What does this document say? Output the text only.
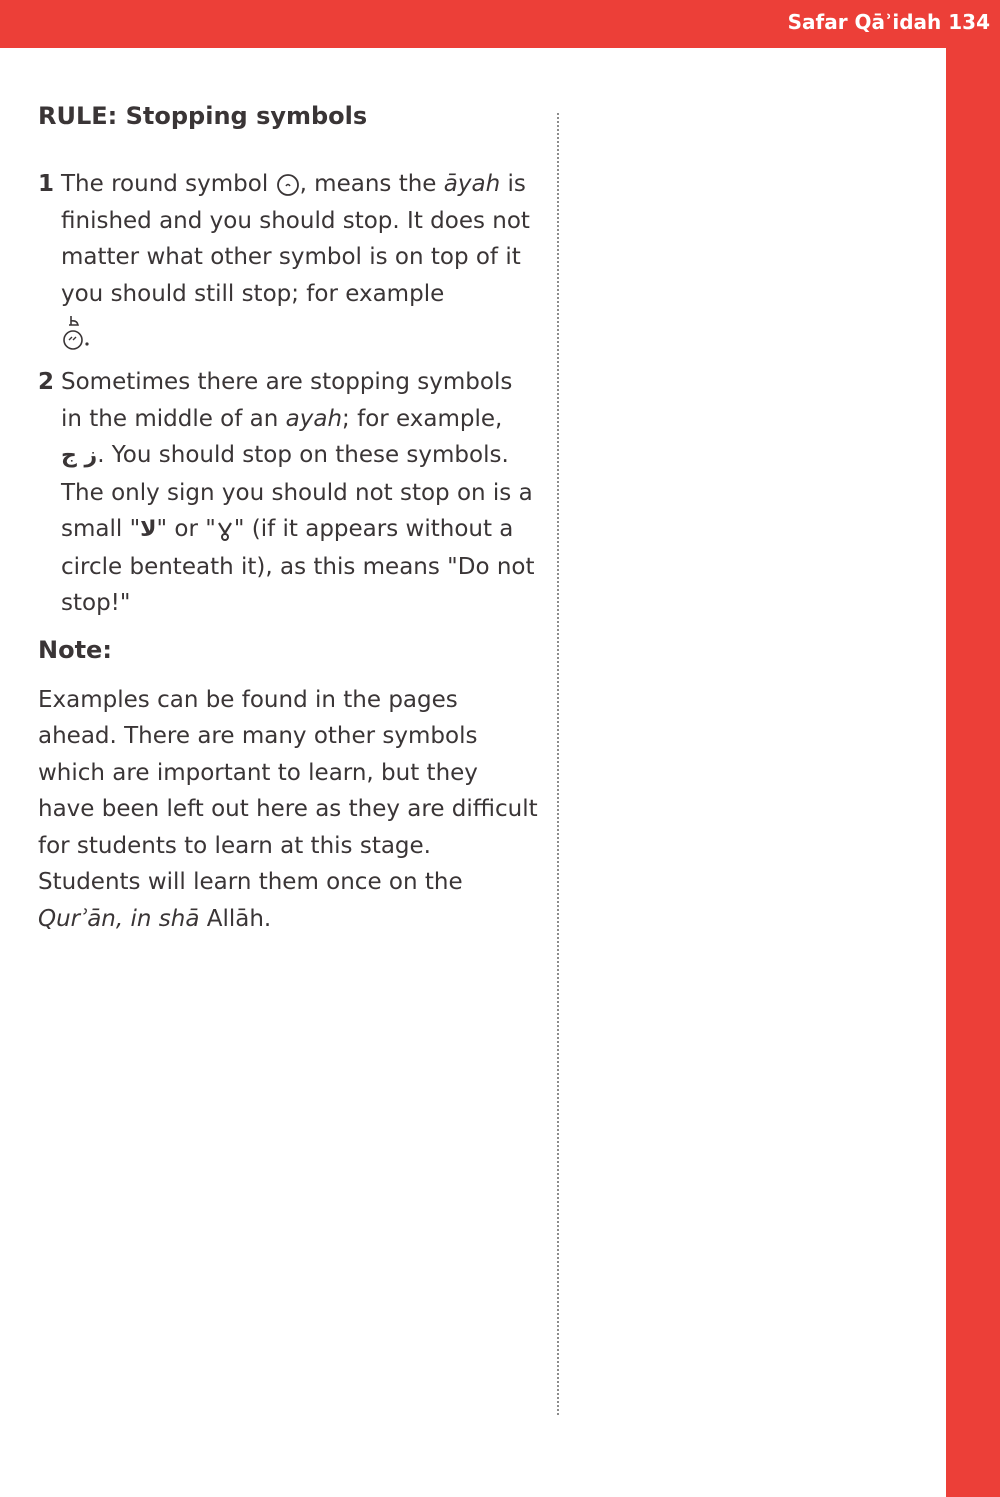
Safar Qāʾidah 134
RULE: Stopping symbols
1 The round symbol , means the āyah is finished and you should stop. It does not matter what other symbol is on top of it you should still stop; for example

2 Sometimes there are stopping symbols in the middle of an ayah; for example,
ز ج. You should stop on these symbols. The only sign you should not stop on is a small "لا" or " " (if it appears without a circle benteath it), as this means "Do not stop!"
Note:
Examples can be found in the pages ahead. There are many other symbols which are important to learn, but they have been left out here as they are difficult for students to learn at this stage. Students will learn them once on the Qurʾān, in shā Allāh.
